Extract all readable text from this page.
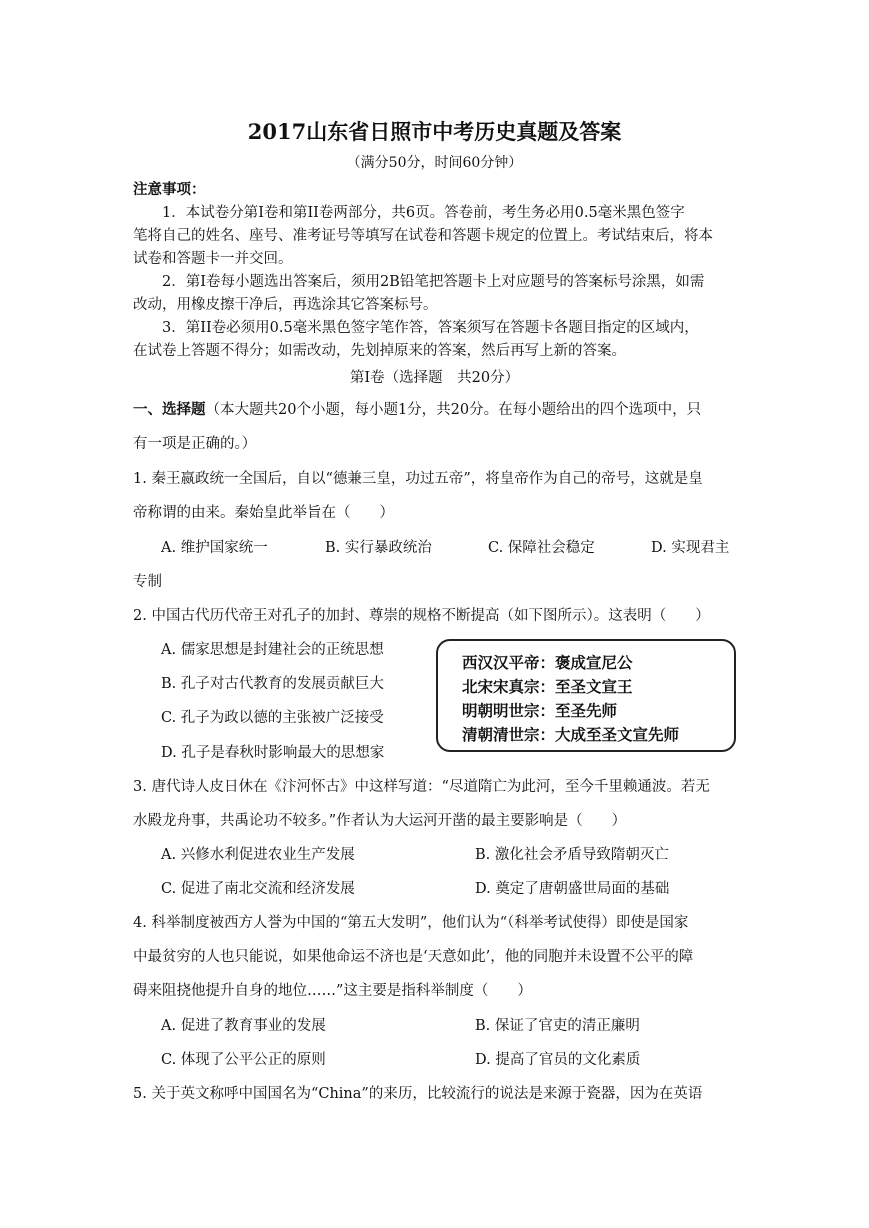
2017山东省日照市中考历史真题及答案
（满分50分，时间60分钟）
注意事项：
1．本试卷分第I卷和第II卷两部分，共6页。答卷前，考生务必用0.5毫米黑色签字
笔将自己的姓名、座号、准考证号等填写在试卷和答题卡规定的位置上。考试结束后，将本
试卷和答题卡一并交回。
2．第I卷每小题选出答案后，须用2B铅笔把答题卡上对应题号的答案标号涂黑，如需
改动，用橡皮擦干净后，再选涂其它答案标号。
3．第II卷必须用0.5毫米黑色签字笔作答，答案须写在答题卡各题目指定的区域内，
在试卷上答题不得分；如需改动，先划掉原来的答案，然后再写上新的答案。
第I卷（选择题　共20分）
一、选择题（本大题共20个小题，每小题1分，共20分。在每小题给出的四个选项中，只
有一项是正确的。）
1. 秦王嬴政统一全国后，自以“德兼三皇，功过五帝”，将皇帝作为自己的帝号，这就是皇
帝称谓的由来。秦始皇此举旨在（　　）
A. 维护国家统一	B. 实行暴政统治	C. 保障社会稳定	D. 实现君主
专制
2. 中国古代历代帝王对孔子的加封、尊崇的规格不断提高（如下图所示）。这表明（　　）
A. 儒家思想是封建社会的正统思想
B. 孔子对古代教育的发展贡献巨大
C. 孔子为政以德的主张被广泛接受
D. 孔子是春秋时影响最大的思想家
西汉汉平帝：褒成宣尼公
北宋宋真宗：至圣文宣王
明朝明世宗：至圣先师
清朝清世宗：大成至圣文宣先师
3. 唐代诗人皮日休在《汴河怀古》中这样写道：“尽道隋亡为此河，至今千里赖通波。若无
水殿龙舟事，共禹论功不较多。”作者认为大运河开凿的最主要影响是（　　）
A. 兴修水利促进农业生产发展	B. 激化社会矛盾导致隋朝灭亡
C. 促进了南北交流和经济发展	D. 奠定了唐朝盛世局面的基础
4. 科举制度被西方人誉为中国的“第五大发明”，他们认为“（科举考试使得）即使是国家
中最贫穷的人也只能说，如果他命运不济也是‘天意如此’，他的同胞并未设置不公平的障
碍来阻挠他提升自身的地位……”这主要是指科举制度（　　）
A. 促进了教育事业的发展	B. 保证了官吏的清正廉明
C. 体现了公平公正的原则	D. 提高了官员的文化素质
5. 关于英文称呼中国国名为“China”的来历，比较流行的说法是来源于瓷器，因为在英语
